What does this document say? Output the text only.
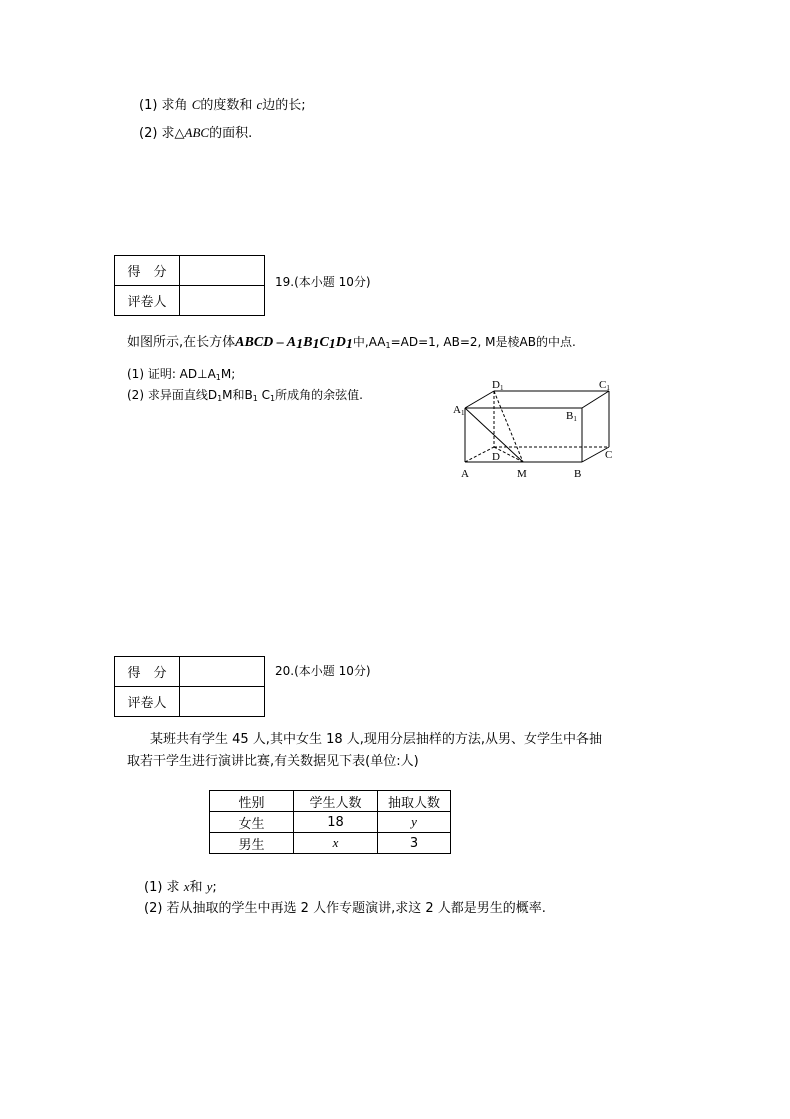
(1) 求角 C的度数和 c边的长;
(2) 求△ABC的面积.
得　分	
评卷人	
19.(本小题 10分)
如图所示,在长方体ABCD – $A_1B_1C_1D_1$中$,AA_1=AD=1$, AB=2, M是棱AB的中点.
(1) 证明: $AD\perp A_1M$;
(2) 求异面直线$D_1M$和$B_1$ $C_1$所成角的余弦值.
D1	C1
A1	B1
D	C
A	M	B
得　分	
评卷人	
20.(本小题 10分)
某班共有学生 45 人,其中女生 18 人,现用分层抽样的方法,从男、女学生中各抽
取若干学生进行演讲比赛,有关数据见下表(单位:人)
性别	学生人数	抽取人数
女生	18	y
男生	x	3
(1) 求 x和 y;
(2) 若从抽取的学生中再选 2 人作专题演讲,求这 2 人都是男生的概率.
